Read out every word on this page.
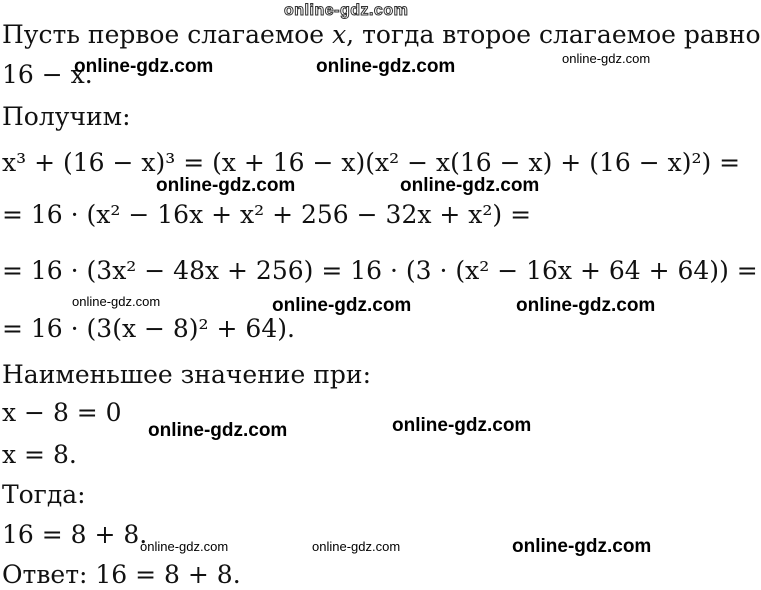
online-gdz.com
Пусть первое слагаемое x, тогда второе слагаемое равно
16 − x.
Получим:
x³ + (16 − x)³ = (x + 16 − x)(x² − x(16 − x) + (16 − x)²) =
= 16 · (x² − 16x + x² + 256 − 32x + x²) =
= 16 · (3x² − 48x + 256) = 16 · (3 · (x² − 16x + 64 + 64)) =
= 16 · (3(x − 8)² + 64).
Наименьшее значение при:
x − 8 = 0
x = 8.
Тогда:
16 = 8 + 8.
Ответ: 16 = 8 + 8.
online-gdz.com	online-gdz.com	online-gdz.com
online-gdz.com	online-gdz.com
online-gdz.com	online-gdz.com	online-gdz.com
online-gdz.com	online-gdz.com
online-gdz.com	online-gdz.com	online-gdz.com
